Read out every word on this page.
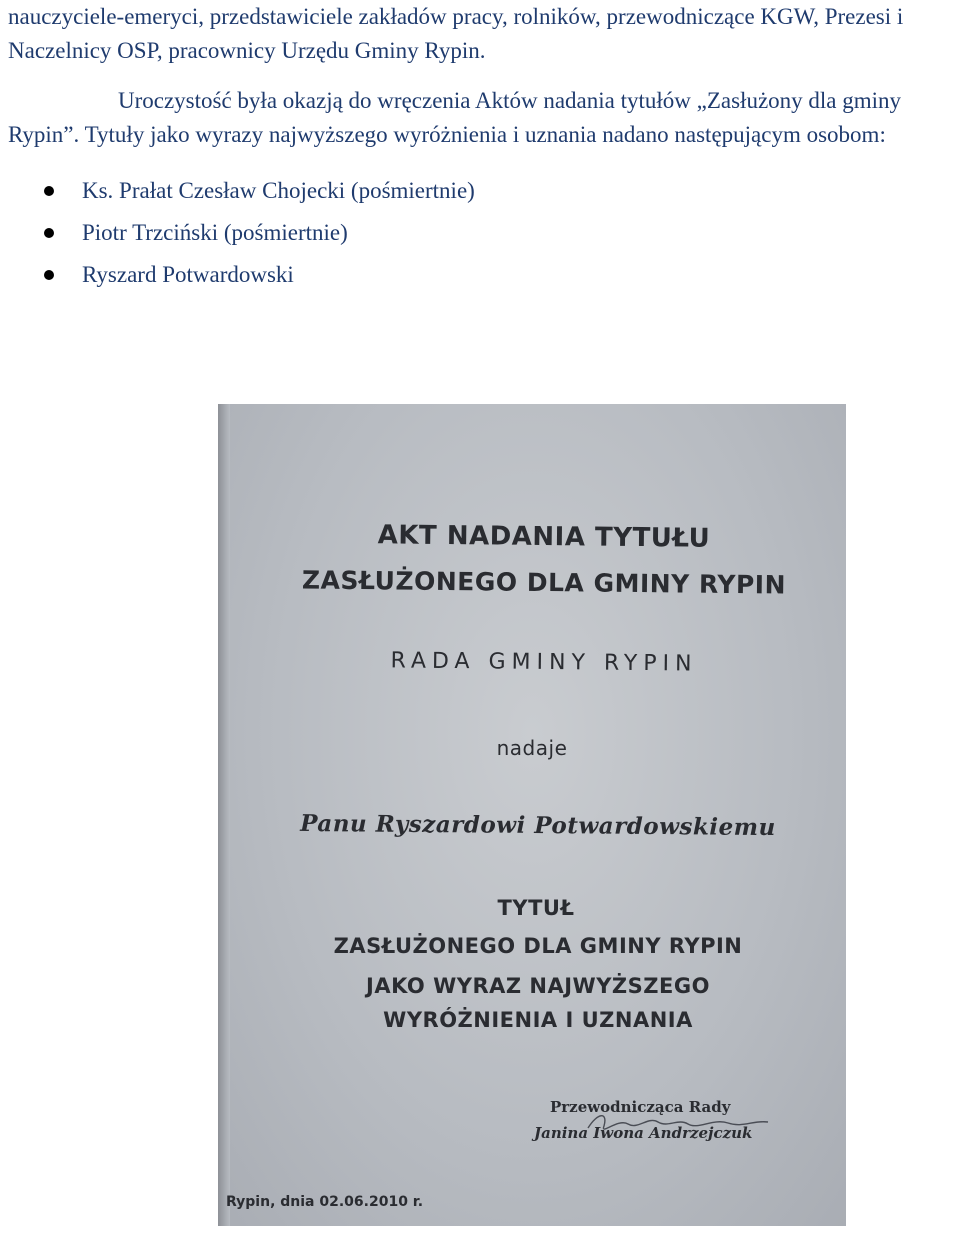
nauczyciele-emeryci, przedstawiciele zakładów pracy, rolników, przewodniczące KGW, Prezesi i Naczelnicy OSP, pracownicy Urzędu Gminy Rypin.

Uroczystość była okazją do wręczenia Aktów nadania tytułów „Zasłużony dla gminy Rypin”. Tytuły jako wyrazy najwyższego wyróżnienia i uznania nadano następującym osobom:

Ks. Prałat Czesław Chojecki (pośmiertnie)
Piotr Trzciński (pośmiertnie)
Ryszard Potwardowski
AKT NADANIA TYTUŁU
ZASŁUŻONEGO DLA GMINY RYPIN
RADA GMINY RYPIN
nadaje
Panu Ryszardowi Potwardowskiemu
TYTUŁ
ZASŁUŻONEGO DLA GMINY RYPIN
JAKO WYRAZ NAJWYŻSZEGO
WYRÓŻNIENIA I UZNANIA
Przewodnicząca Rady
Janina Iwona Andrzejczuk
Rypin, dnia 02.06.2010 r.
